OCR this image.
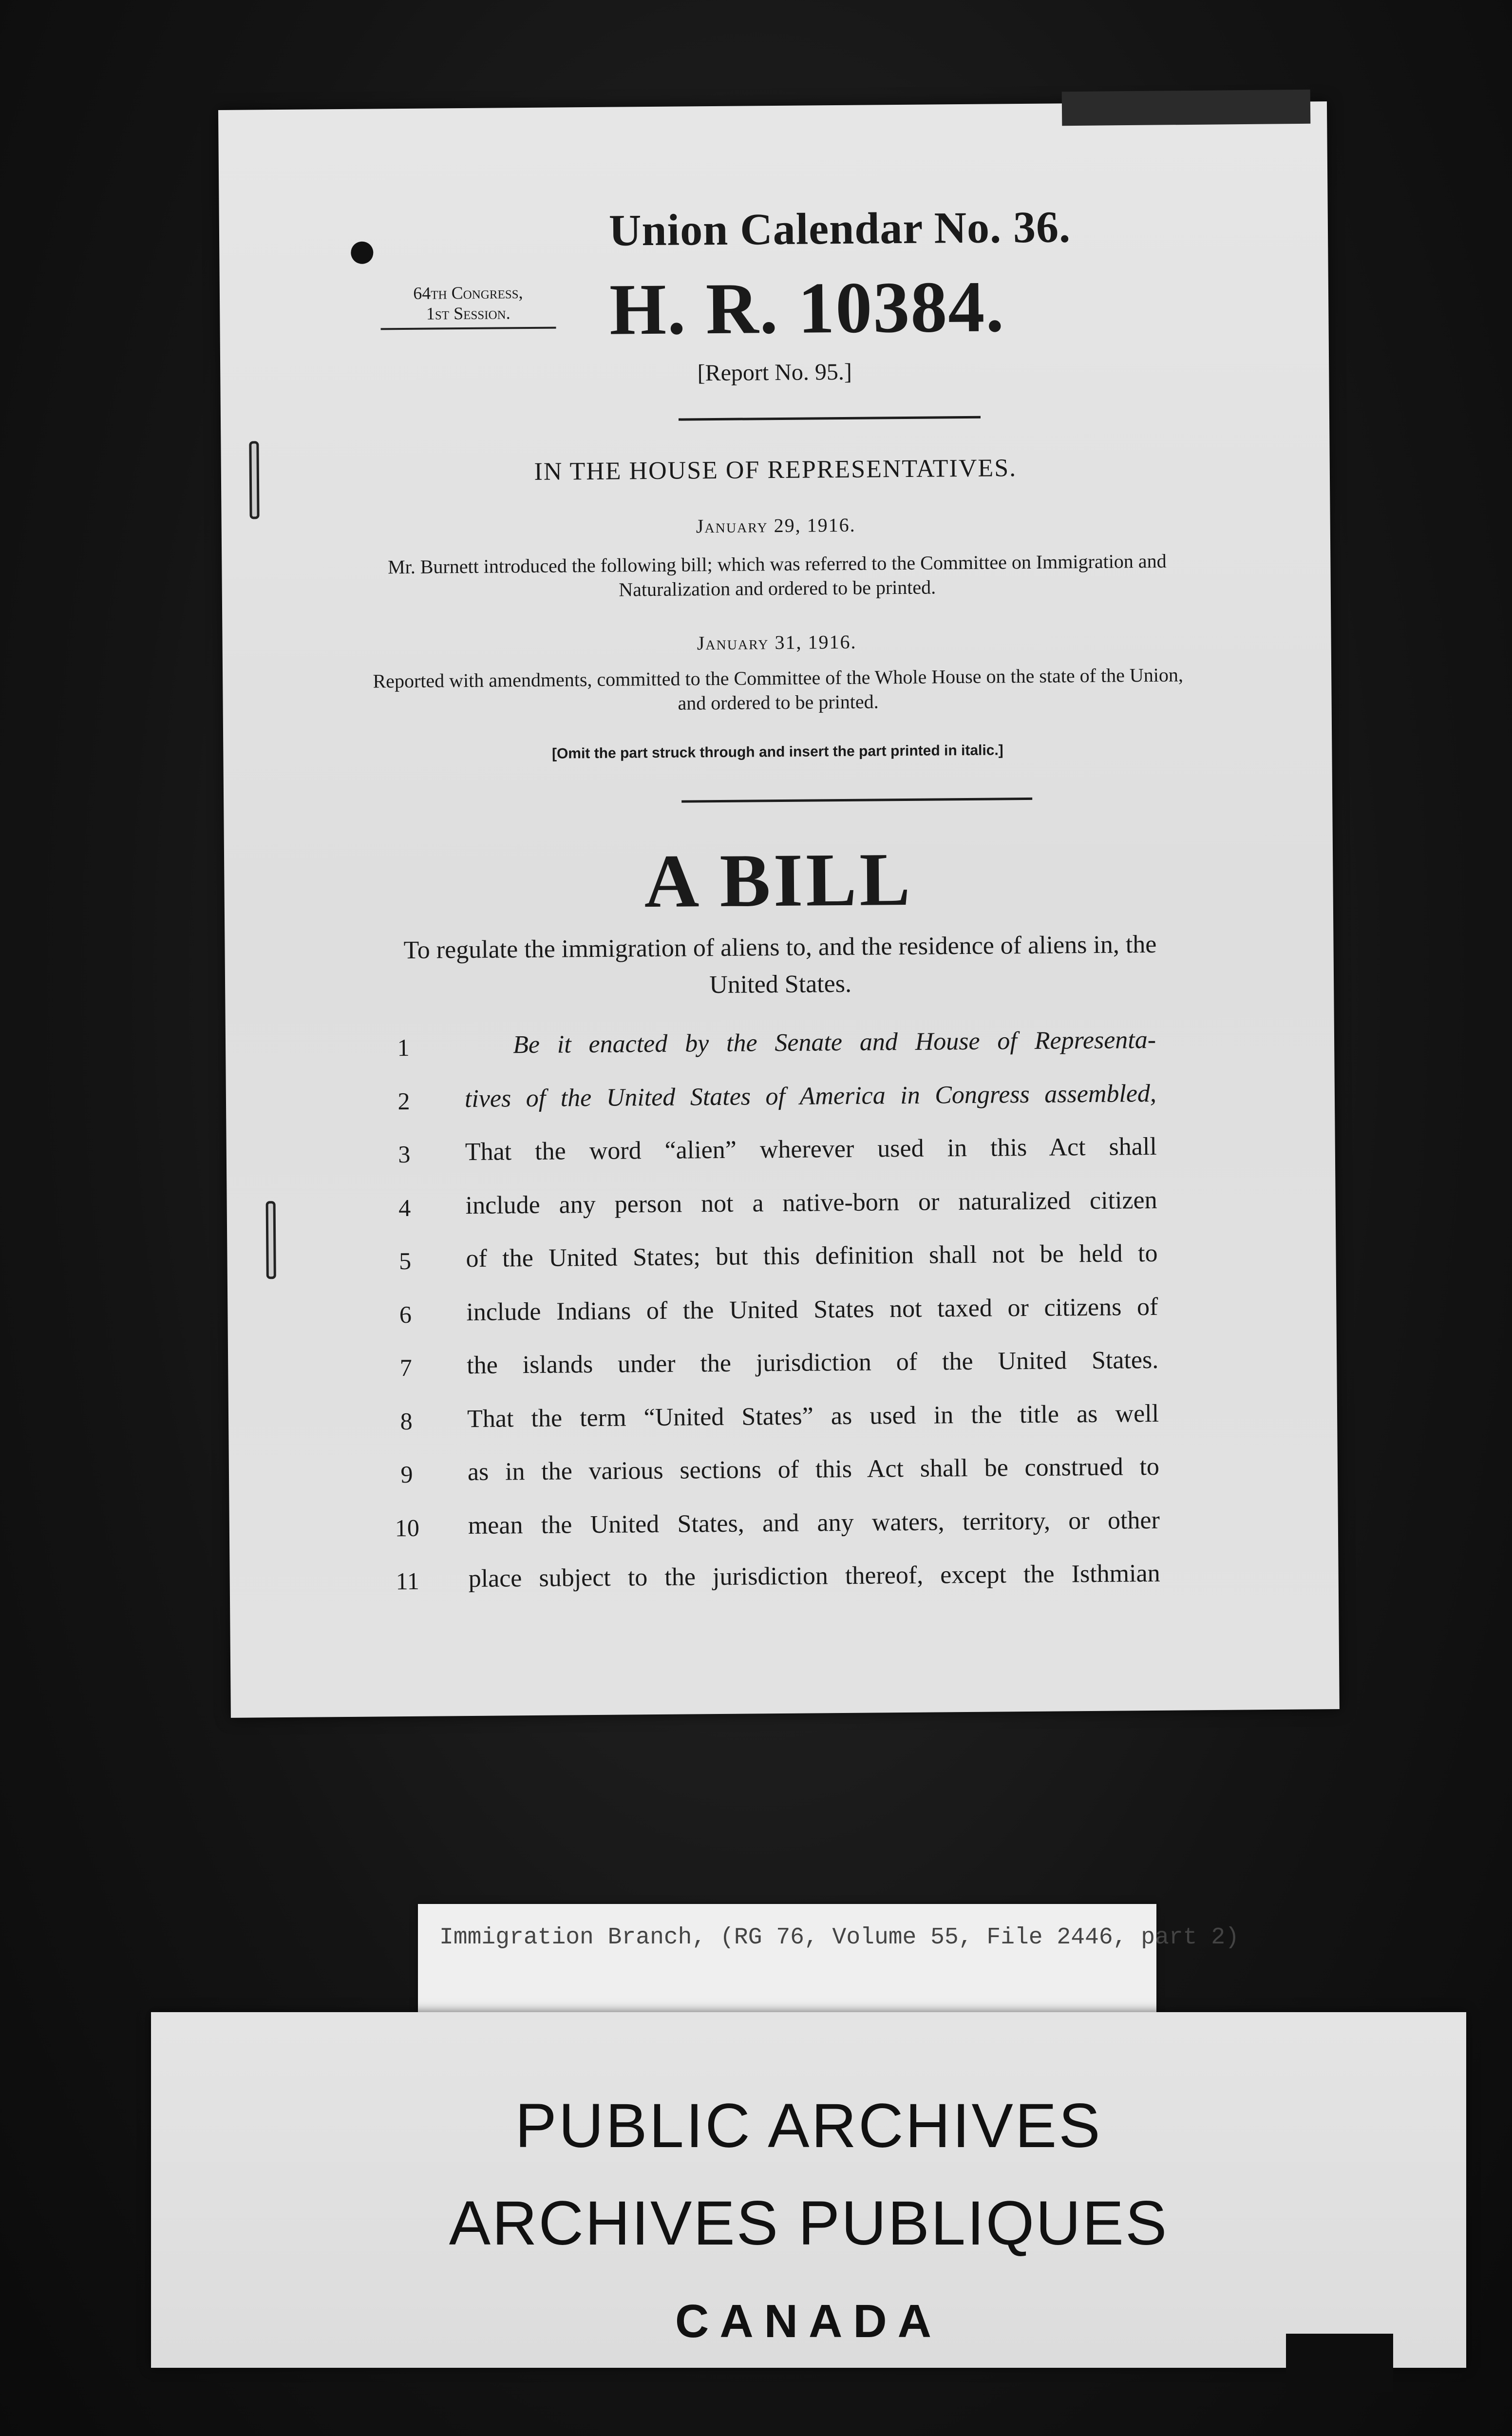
Union Calendar No. 36.
64th Congress,
1st Session.	H. R. 10384.
[Report No. 95.]
IN THE HOUSE OF REPRESENTATIVES.
January 29, 1916.
Mr. Burnett introduced the following bill; which was referred to the Committee on Immigration and Naturalization and ordered to be printed.
January 31, 1916.
Reported with amendments, committed to the Committee of the Whole House on the state of the Union, and ordered to be printed.
[Omit the part struck through and insert the part printed in italic.]
A BILL
To regulate the immigration of aliens to, and the residence of aliens in, the United States.
1	Be it enacted by the Senate and House of Representa-
2	tives of the United States of America in Congress assembled,
3	That the word “alien” wherever used in this Act shall
4	include any person not a native-born or naturalized citizen
5	of the United States; but this definition shall not be held to
6	include Indians of the United States not taxed or citizens of
7	the islands under the jurisdiction of the United States.
8	That the term “United States” as used in the title as well
9	as in the various sections of this Act shall be construed to
10 mean the United States, and any waters, territory, or other
11 place subject to the jurisdiction thereof, except the Isthmian
Immigration Branch, (RG 76, Volume 55, File 2446, part 2)
PUBLIC ARCHIVES
ARCHIVES PUBLIQUES
CANADA
